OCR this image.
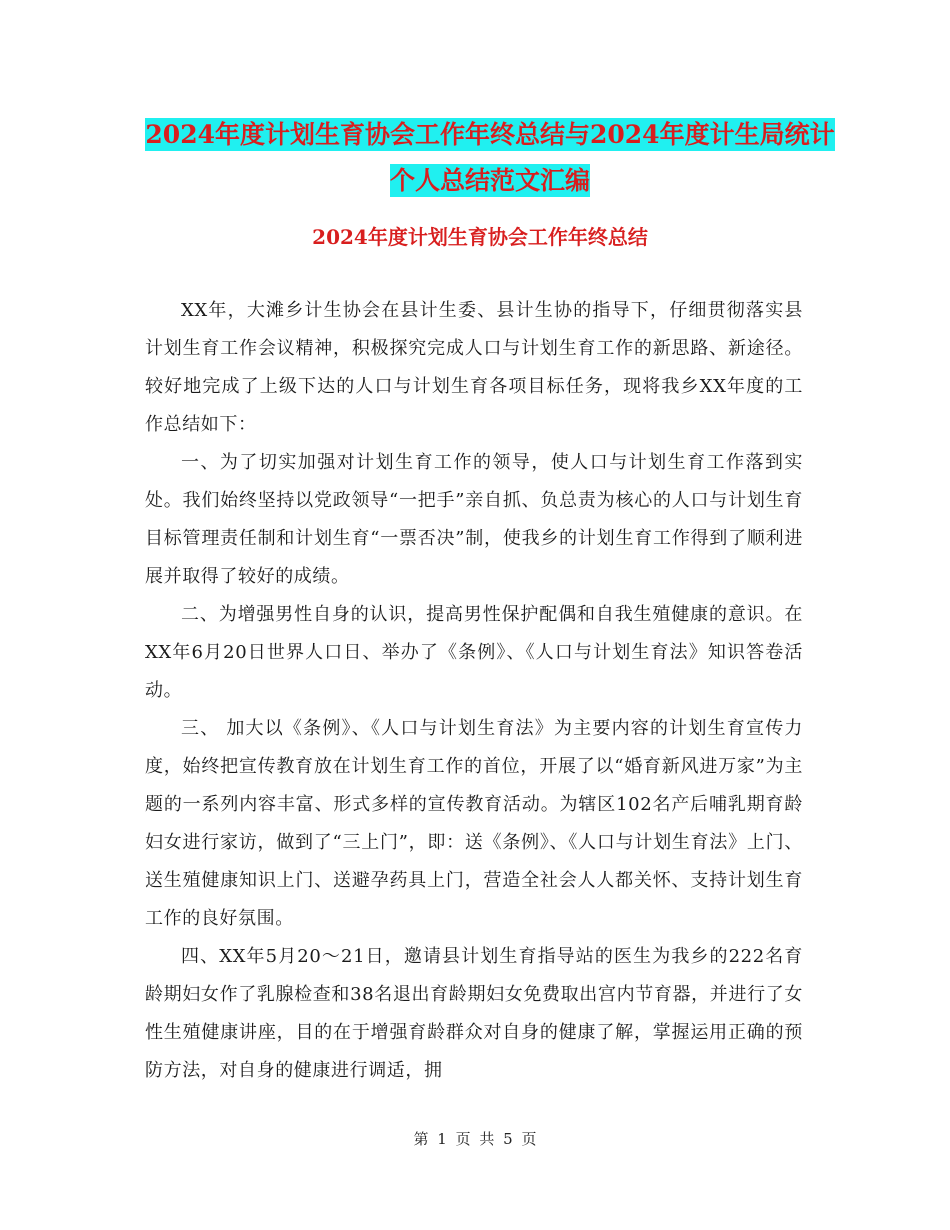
2024年度计划生育协会工作年终总结与2024年度计生局统计个人总结范文汇编
2024年度计划生育协会工作年终总结

XX年，大滩乡计生协会在县计生委、县计生协的指导下，仔细贯彻落实县计划生育工作会议精神，积极探究完成人口与计划生育工作的新思路、新途径。较好地完成了上级下达的人口与计划生育各项目标任务，现将我乡XX年度的工作总结如下：

一、为了切实加强对计划生育工作的领导，使人口与计划生育工作落到实处。我们始终坚持以党政领导“一把手”亲自抓、负总责为核心的人口与计划生育目标管理责任制和计划生育“一票否决”制，使我乡的计划生育工作得到了顺利进展并取得了较好的成绩。

二、为增强男性自身的认识，提高男性保护配偶和自我生殖健康的意识。在XX年6月20日世界人口日、举办了《条例》、《人口与计划生育法》知识答卷活动。

三、 加大以《条例》、《人口与计划生育法》为主要内容的计划生育宣传力度，始终把宣传教育放在计划生育工作的首位，开展了以“婚育新风进万家”为主题的一系列内容丰富、形式多样的宣传教育活动。为辖区102名产后哺乳期育龄妇女进行家访，做到了“三上门”，即：送《条例》、《人口与计划生育法》上门、送生殖健康知识上门、送避孕药具上门，营造全社会人人都关怀、支持计划生育工作的良好氛围。

四、XX年5月20～21日，邀请县计划生育指导站的医生为我乡的222名育龄期妇女作了乳腺检查和38名退出育龄期妇女免费取出宫内节育器，并进行了女性生殖健康讲座，目的在于增强育龄群众对自身的健康了解，掌握运用正确的预防方法，对自身的健康进行调适，拥

第 1 页 共 5 页
